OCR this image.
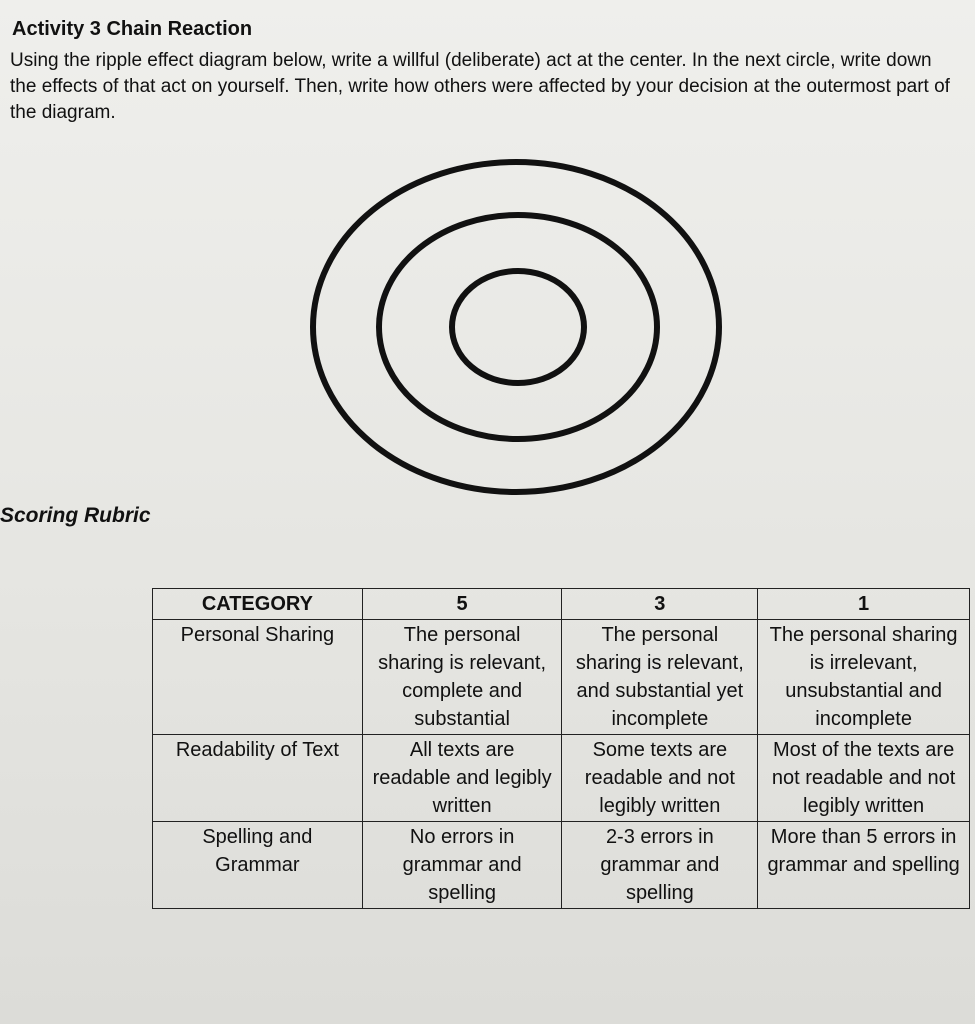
Activity 3 Chain Reaction
Using the ripple effect diagram below, write a willful (deliberate) act at the center. In the next circle, write down the effects of that act on yourself. Then, write how others were affected by your decision at the outermost part of the diagram.
Scoring Rubric
CATEGORY	5	3	1
Personal Sharing	The personal sharing is relevant, complete and substantial	The personal sharing is relevant, and substantial yet incomplete	The personal sharing is irrelevant, unsubstantial and incomplete
Readability of Text	All texts are readable and legibly written	Some texts are readable and not legibly written	Most of the texts are not readable and not legibly written
Spelling and Grammar	No errors in grammar and spelling	2-3 errors in grammar and spelling	More than 5 errors in grammar and spelling
